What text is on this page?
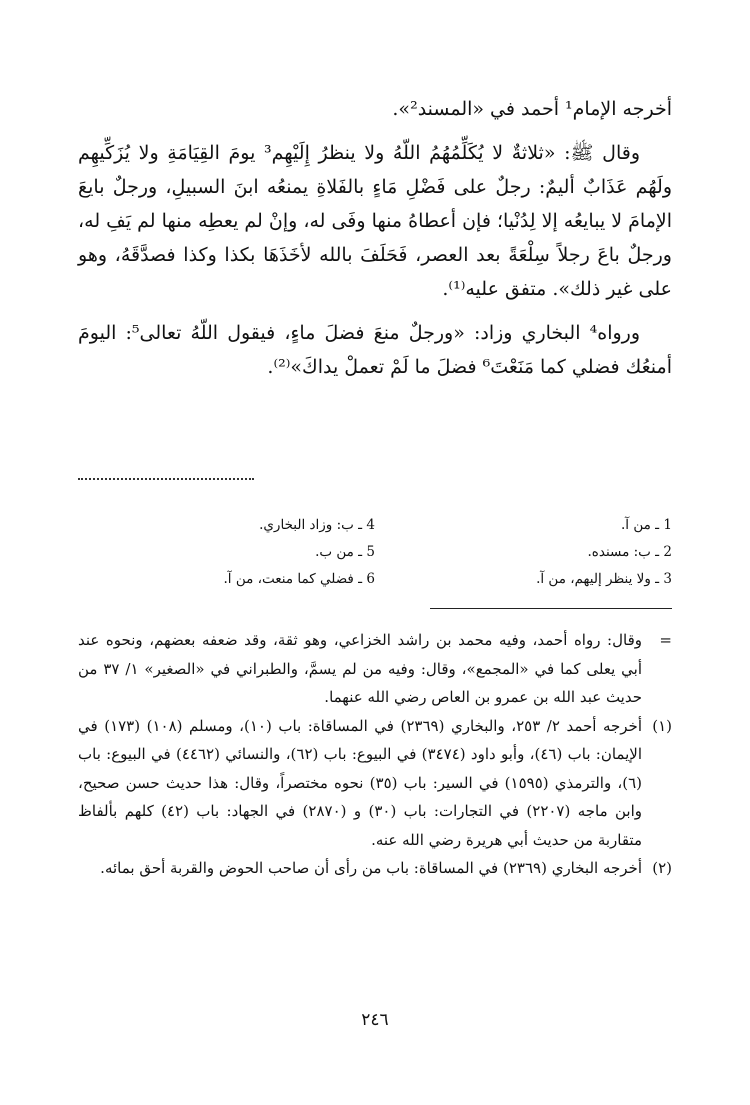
أخرجه الإمام¹ أحمد في «المسند²».

وقال ﷺ: «ثلاثةٌ لا يُكَلِّمُهُمُ اللّهُ ولا ينظرُ إِلَيْهِم³ يومَ القِيَامَةِ ولا يُزَكِّيهِم ولَهُم عَذَابٌ أليمٌ: رجلٌ على فَضْلِ مَاءٍ بالفَلاةِ يمنعُه ابنَ السبيلِ، ورجلٌ بايعَ الإمامَ لا يبايعُه إلا لِدُنْيا؛ فإن أعطاهُ منها وفَى له، وإنْ لم يعطِه منها لم يَفِ له، ورجلٌ باعَ رجلاً سِلْعَةً بعد العصر، فَحَلَفَ بالله لأخَذَهَا بكذا وكذا فصدَّقَهُ، وهو على غير ذلك». متفق عليه⁽¹⁾.

ورواه⁴ البخاري وزاد: «ورجلٌ منعَ فضلَ ماءٍ، فيقول اللّهُ تعالى⁵: اليومَ أمنعُك فضلي كما مَنَعْتَ⁶ فضلَ ما لَمْ تعملْ يداكَ»⁽²⁾.

4 ـ ب: وزاد البخاري.
5 ـ من ب.
6 ـ فضلي كما منعت، من آ.
1 ـ من آ.
2 ـ ب: مسنده.
3 ـ ولا ينظر إليهم، من آ.
=
وقال: رواه أحمد، وفيه محمد بن راشد الخزاعي، وهو ثقة، وقد ضعفه بعضهم، ونحوه عند أبي يعلى كما في «المجمع»، وقال: وفيه من لم يسمَّ، والطبراني في «الصغير» ١/ ٣٧ من حديث عبد الله بن عمرو بن العاص رضي الله عنهما.
(١)
أخرجه أحمد ٢/ ٢٥٣، والبخاري (٢٣٦٩) في المساقاة: باب (١٠)، ومسلم (١٠٨) (١٧٣) في الإيمان: باب (٤٦)، وأبو داود (٣٤٧٤) في البيوع: باب (٦٢)، والنسائي (٤٤٦٢) في البيوع: باب (٦)، والترمذي (١٥٩٥) في السير: باب (٣٥) نحوه مختصراً، وقال: هذا حديث حسن صحيح، وابن ماجه (٢٢٠٧) في التجارات: باب (٣٠) و (٢٨٧٠) في الجهاد: باب (٤٢) كلهم بألفاظ متقاربة من حديث أبي هريرة رضي الله عنه.
(٢)
أخرجه البخاري (٢٣٦٩) في المساقاة: باب من رأى أن صاحب الحوض والقربة أحق بمائه.
٢٤٦
